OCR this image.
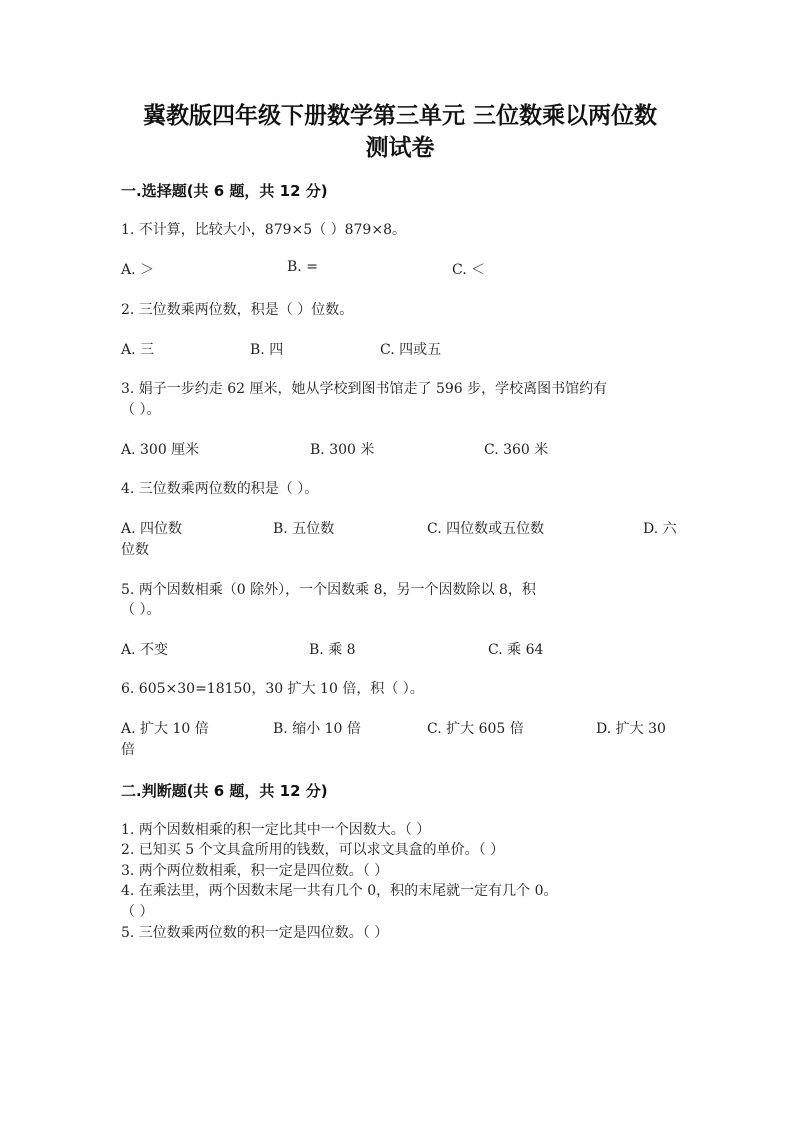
冀教版四年级下册数学第三单元 三位数乘以两位数
测试卷
一.选择题(共 6 题，共 12 分)
1. 不计算，比较大小，879×5（ ）879×8。
A. ＞	B. =	C. ＜
2. 三位数乘两位数，积是（ ）位数。
A. 三	B. 四	C. 四或五
3. 娟子一步约走 62 厘米，她从学校到图书馆走了 596 步，学校离图书馆约有
（ ）。
A. 300 厘米	B. 300 米	C. 360 米
4. 三位数乘两位数的积是（ ）。
A. 四位数	B. 五位数	C. 四位数或五位数	D. 六
位数
5. 两个因数相乘（0 除外），一个因数乘 8，另一个因数除以 8，积
（ ）。
A. 不变	B. 乘 8	C. 乘 64
6. 605×30=18150，30 扩大 10 倍，积（ ）。
A. 扩大 10 倍	B. 缩小 10 倍	C. 扩大 605 倍	D. 扩大 30
倍
二.判断题(共 6 题，共 12 分)
1. 两个因数相乘的积一定比其中一个因数大。（ ）
2. 已知买 5 个文具盒所用的钱数，可以求文具盒的单价。（ ）
3. 两个两位数相乘，积一定是四位数。（ ）
4. 在乘法里，两个因数末尾一共有几个 0，积的末尾就一定有几个 0。
（ ）
5. 三位数乘两位数的积一定是四位数。（ ）
